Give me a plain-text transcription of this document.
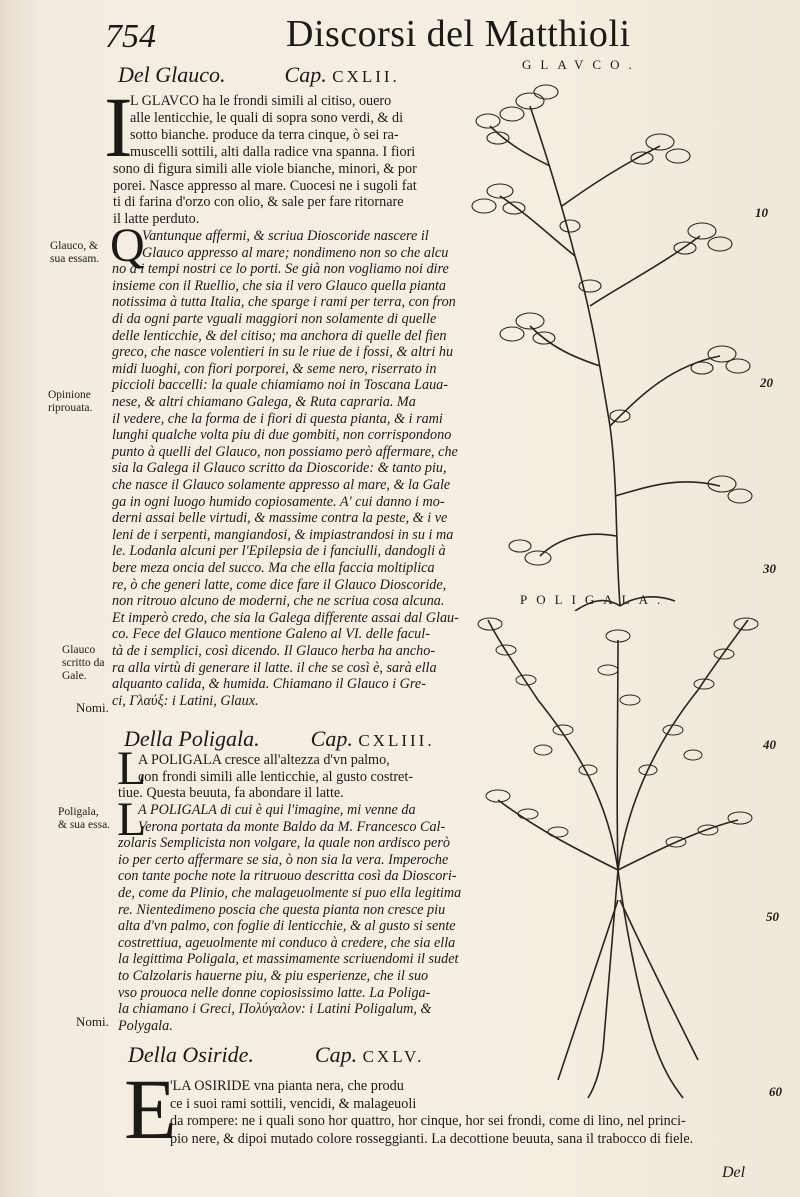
754	Discorsi del Matthioli
GLAVCO.
POLIGALA.
Del Glauco.	Cap. CXLII.
I
L GLAVCO ha le frondi simili al citiso, ouero
alle lenticchie, le quali di sopra sono verdi, & di
sotto bianche. produce da terra cinque, ò sei ra-
muscelli sottili, alti dalla radice vna spanna. I fiori
sono di figura simili alle viole bianche, minori, & por
porei. Nasce appresso al mare. Cuocesi ne i sugoli fat
ti di farina d'orzo con olio, & sale per fare ritornare
il latte perduto.
Q
Vantunque affermi, & scriua Dioscoride nascere il
Glauco appresso al mare; nondimeno non so che alcu
no à i tempi nostri ce lo porti. Se già non vogliamo noi dire
insieme con il Ruellio, che sia il vero Glauco quella pianta
notissima à tutta Italia, che sparge i rami per terra, con fron
di da ogni parte vguali maggiori non solamente di quelle
delle lenticchie, & del citiso; ma anchora di quelle del fien
greco, che nasce volentieri in su le riue de i fossi, & altri hu
midi luoghi, con fiori porporei, & seme nero, riserrato in
piccioli baccelli: la quale chiamiamo noi in Toscana Laua-
nese, & altri chiamano Galega, & Ruta capraria. Ma
il vedere, che la forma de i fiori di questa pianta, & i rami
lunghi qualche volta piu di due gombiti, non corrispondono
punto à quelli del Glauco, non possiamo però affermare, che
sia la Galega il Glauco scritto da Dioscoride: & tanto piu,
che nasce il Glauco solamente appresso al mare, & la Gale
ga in ogni luogo humido copiosamente. A' cui danno i mo-
derni assai belle virtudi, & massime contra la peste, & i ve
leni de i serpenti, mangiandosi, & impiastrandosi in su i ma
le. Lodanla alcuni per l'Epilepsia de i fanciulli, dandogli à
bere meza oncia del succo. Ma che ella faccia moltiplica
re, ò che generi latte, come dice fare il Glauco Dioscoride,
non ritrouo alcuno de moderni, che ne scriua cosa alcuna.
Et imperò credo, che sia la Galega differente assai dal Glau-
co. Fece del Glauco mentione Galeno al VI. delle facul-
tà de i semplici, così dicendo. Il Glauco herba ha ancho-
ra alla virtù di generare il latte. il che se così è, sarà ella
alquanto calida, & humida. Chiamano il Glauco i Gre-
ci, Γλαύξ: i Latini, Glaux.
Della Poligala. Cap. CXLIII.
L
A POLIGALA cresce all'altezza d'vn palmo,
con frondi simili alle lenticchie, al gusto costret-
tiue. Questa beuuta, fa abondare il latte.
L
A POLIGALA di cui è qui l'imagine, mi venne da
Verona portata da monte Baldo da M. Francesco Cal-
zolaris Semplicista non volgare, la quale non ardisco però
io per certo affermare se sia, ò non sia la vera. Imperoche
con tante poche note la ritruouo descritta così da Dioscori-
de, come da Plinio, che malageuolmente si puo ella legitima
re. Nientedimeno poscia che questa pianta non cresce piu
alta d'vn palmo, con foglie di lenticchie, & al gusto si sente
costrettiua, ageuolmente mi conduco à credere, che sia ella
la legittima Poligala, et massimamente scriuendomi il sudet
to Calzolaris hauerne piu, & piu esperienze, che il suo
vso prouoca nelle donne copiosissimo latte. La Poliga-
la chiamano i Greci, Πολύγαλον: i Latini Poligalum, &
Polygala.
Della Osiride.	Cap. CXLV.
E
'LA OSIRIDE vna pianta nera, che produ
ce i suoi rami sottili, vencidi, & malageuoli
da rompere: ne i quali sono hor quattro, hor cinque, hor sei frondi, come di lino, nel princi-
pio nere, & dipoi mutado colore rosseggianti. La decottione beuuta, sana il trabocco di fiele.
Glauco, &
sua essam.
Opinione
riprouata.
Glauco
scritto da
Gale.
Nomi.
Poligala,
& sua essa.
Nomi.
10
20
30
40
50
60
Del
